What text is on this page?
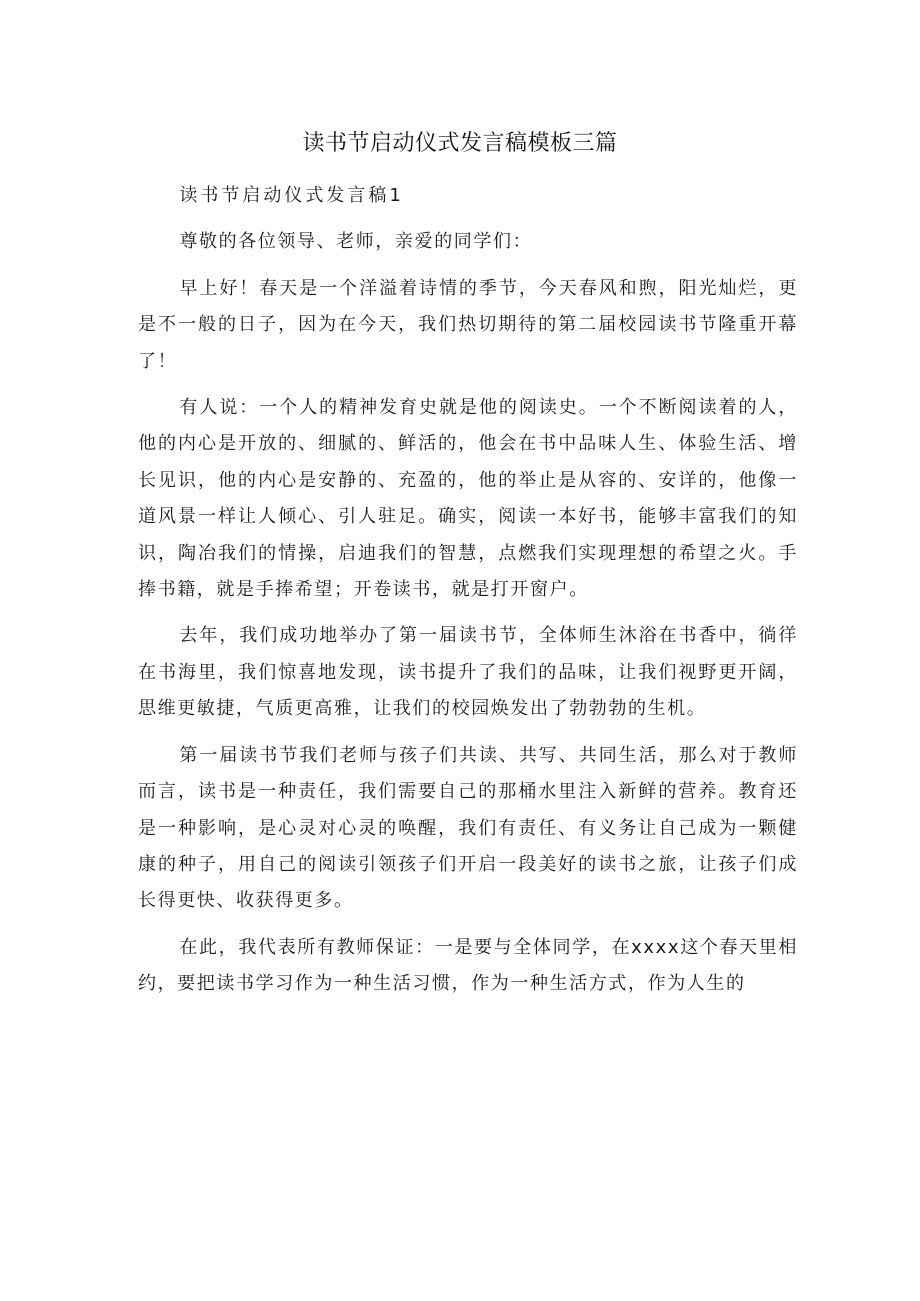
读书节启动仪式发言稿模板三篇

读书节启动仪式发言稿1

尊敬的各位领导、老师，亲爱的同学们：

早上好！春天是一个洋溢着诗情的季节，今天春风和煦，阳光灿烂，更是不一般的日子，因为在今天，我们热切期待的第二届校园读书节隆重开幕了！

有人说：一个人的精神发育史就是他的阅读史。一个不断阅读着的人，他的内心是开放的、细腻的、鲜活的，他会在书中品味人生、体验生活、增长见识，他的内心是安静的、充盈的，他的举止是从容的、安详的，他像一道风景一样让人倾心、引人驻足。确实，阅读一本好书，能够丰富我们的知识，陶冶我们的情操，启迪我们的智慧，点燃我们实现理想的希望之火。手捧书籍，就是手捧希望；开卷读书，就是打开窗户。

去年，我们成功地举办了第一届读书节，全体师生沐浴在书香中，徜徉在书海里，我们惊喜地发现，读书提升了我们的品味，让我们视野更开阔，思维更敏捷，气质更高雅，让我们的校园焕发出了勃勃勃的生机。

第一届读书节我们老师与孩子们共读、共写、共同生活，那么对于教师而言，读书是一种责任，我们需要自己的那桶水里注入新鲜的营养。教育还是一种影响，是心灵对心灵的唤醒，我们有责任、有义务让自己成为一颗健康的种子，用自己的阅读引领孩子们开启一段美好的读书之旅，让孩子们成长得更快、收获得更多。

在此，我代表所有教师保证：一是要与全体同学，在xxxx这个春天里相约，要把读书学习作为一种生活习惯，作为一种生活方式，作为人生的
